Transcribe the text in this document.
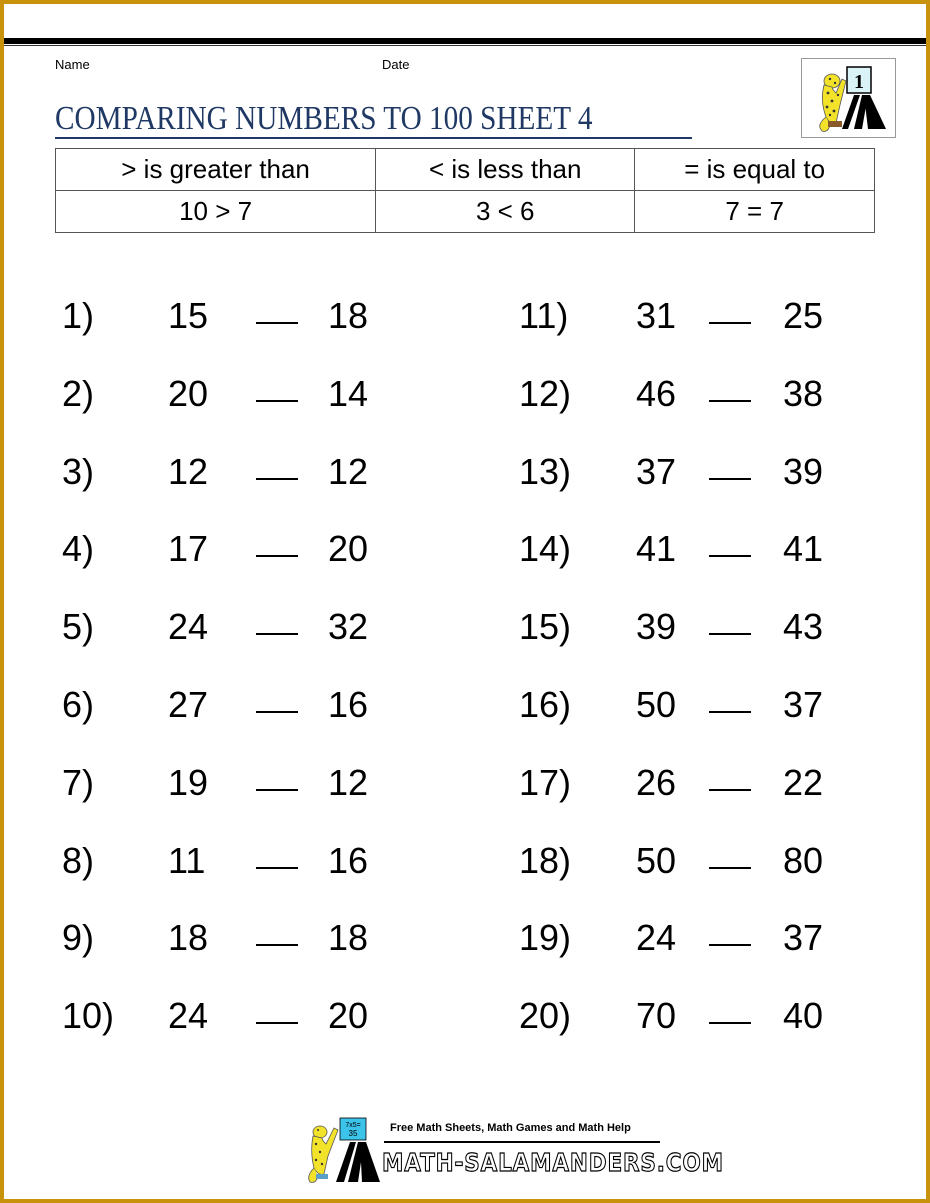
Name	Date
COMPARING NUMBERS TO 100 SHEET 4
1
> is greater than	< is less than	= is equal to
10 > 7	3 < 6	7 = 7
1) 15	18
2) 20	14
3) 12	12
4) 17	20
5) 24	32
6) 27	16
7) 19	12
8) 11	16
9) 18	18
10) 24	20
11) 31	25
12) 46	38
13) 37	39
14) 41	41
15) 39	43
16) 50	37
17) 26	22
18) 50	80
19) 24	37
20) 70	40
7x5=
35	Free Math Sheets, Math Games and Math Help
MATH-SALAMANDERS.COM
